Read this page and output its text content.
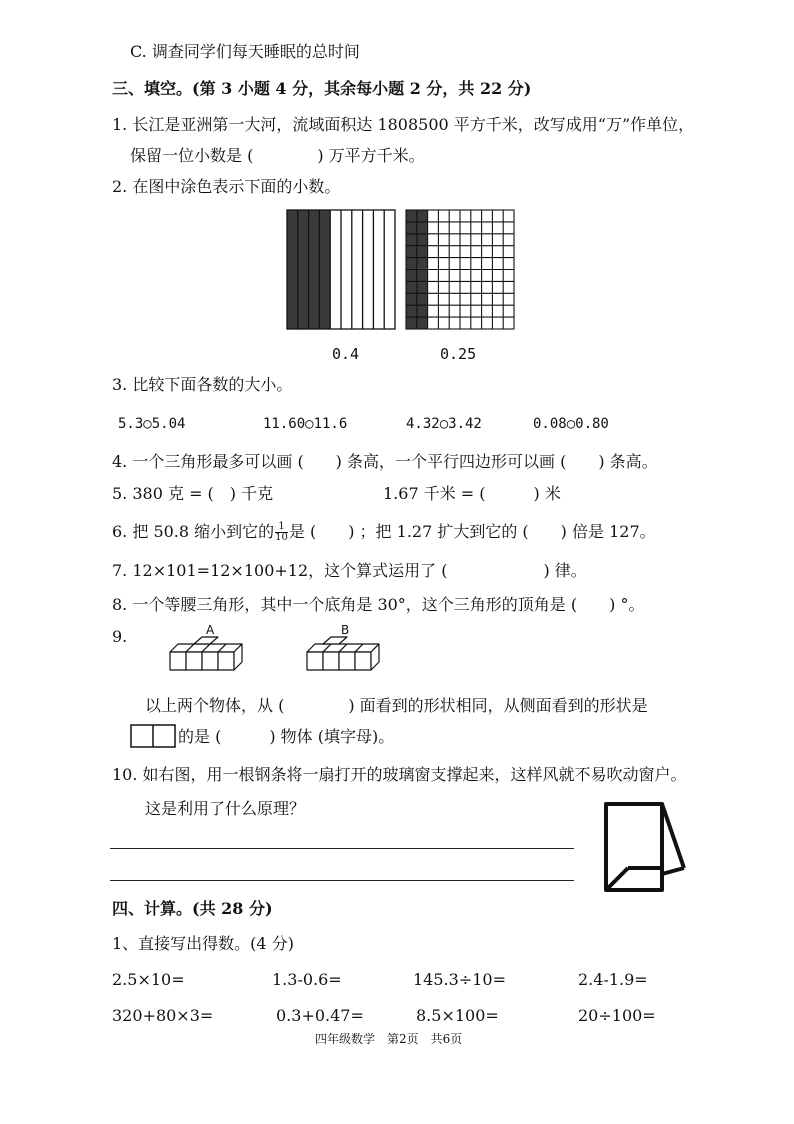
C. 调查同学们每天睡眠的总时间
三、填空。(第 3 小题 4 分，其余每小题 2 分，共 22 分)
1. 长江是亚洲第一大河，流域面积达 1808500 平方千米，改写成用“万”作单位，
保留一位小数是 (　　　　) 万平方千米。
2. 在图中涂色表示下面的小数。
0.4	0.25
3. 比较下面各数的大小。
5.3○5.04	11.60○11.6	4.32○3.42	0.08○0.80
4. 一个三角形最多可以画 (　　) 条高，一个平行四边形可以画 (　　) 条高。
5. 380 克 = (　) 千克	1.67 千米 = (　　　) 米
6. 把 50.8 缩小到它的 $\frac{1}{10}$ 是 (　　) ；把 1.27 扩大到它的 (　　) 倍是 127。
7. 12×101=12×100+12，这个算式运用了 (　　　　　　) 律。
8. 一个等腰三角形，其中一个底角是 30°，这个三角形的顶角是 (　　) °。
9.	A	B
以上两个物体，从 (　　　　) 面看到的形状相同，从侧面看到的形状是
的是 (　　　) 物体 (填字母)。
10. 如右图，用一根钢条将一扇打开的玻璃窗支撑起来，这样风就不易吹动窗户。
这是利用了什么原理？
四、计算。(共 28 分)
1、直接写出得数。(4 分)
2.5×10=	1.3-0.6=	145.3÷10=	2.4-1.9=
320+80×3=	0.3+0.47=	8.5×100=	20÷100=
四年级数学　第2页　共6页
